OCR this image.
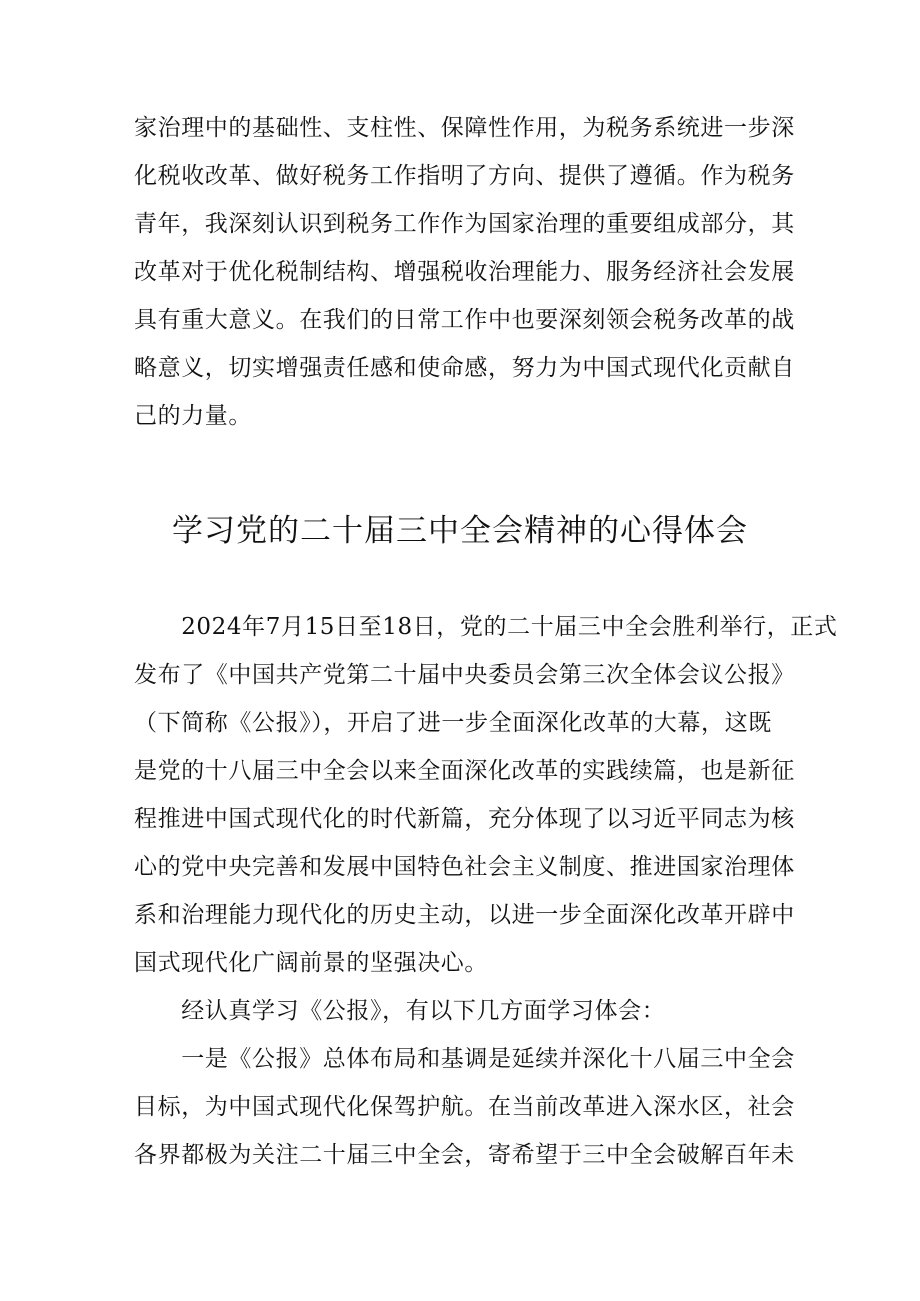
家治理中的基础性、支柱性、保障性作用，为税务系统进一步深
化税收改革、做好税务工作指明了方向、提供了遵循。作为税务
青年，我深刻认识到税务工作作为国家治理的重要组成部分，其
改革对于优化税制结构、增强税收治理能力、服务经济社会发展
具有重大意义。在我们的日常工作中也要深刻领会税务改革的战
略意义，切实增强责任感和使命感，努力为中国式现代化贡献自
己的力量。
学习党的二十届三中全会精神的心得体会
　　2024年7月15日至18日，党的二十届三中全会胜利举行，正式
发布了《中国共产党第二十届中央委员会第三次全体会议公报》
（下简称《公报》），开启了进一步全面深化改革的大幕，这既
是党的十八届三中全会以来全面深化改革的实践续篇，也是新征
程推进中国式现代化的时代新篇，充分体现了以习近平同志为核
心的党中央完善和发展中国特色社会主义制度、推进国家治理体
系和治理能力现代化的历史主动，以进一步全面深化改革开辟中
国式现代化广阔前景的坚强决心。
　　经认真学习《公报》，有以下几方面学习体会：
　　一是《公报》总体布局和基调是延续并深化十八届三中全会
目标，为中国式现代化保驾护航。在当前改革进入深水区，社会
各界都极为关注二十届三中全会，寄希望于三中全会破解百年未
